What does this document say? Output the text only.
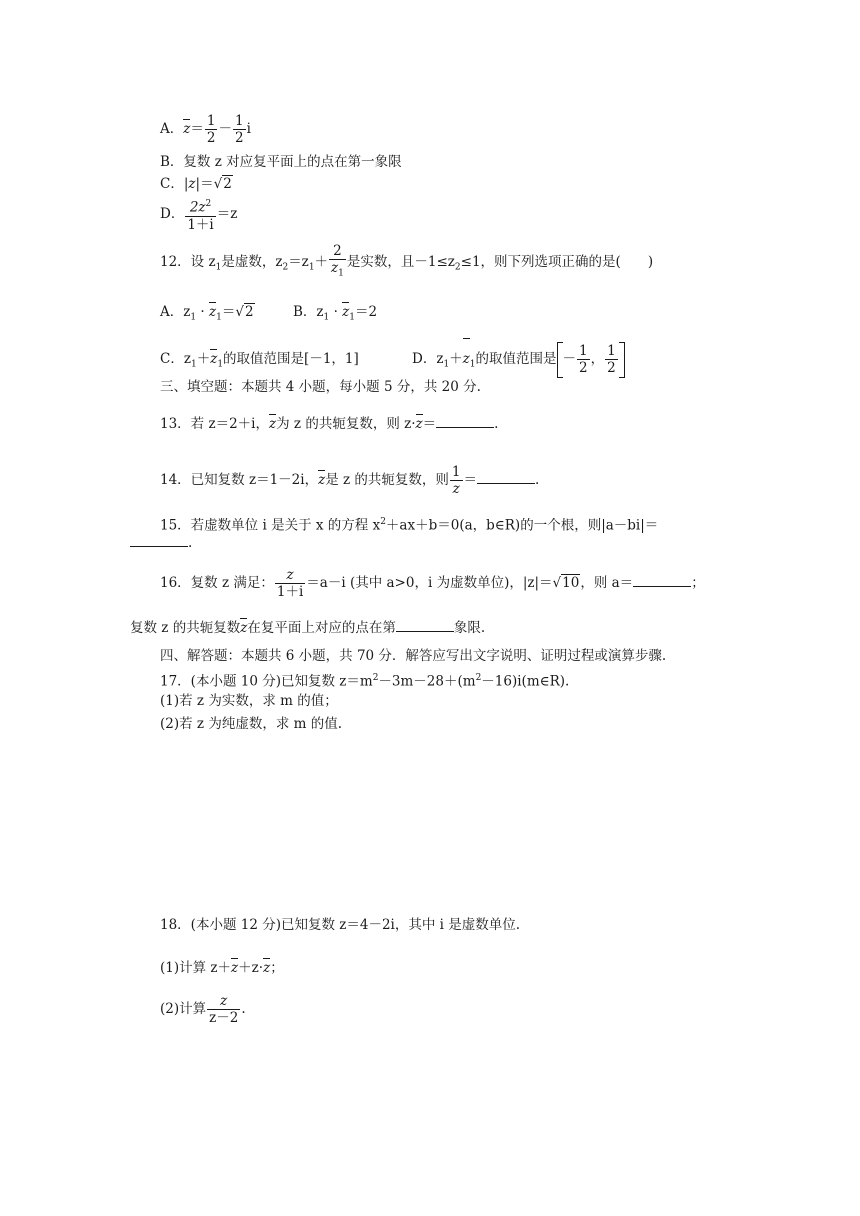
A．$z= \frac{1}{2} - \frac{1}{2}$ i
B．复数 z 对应复平面上的点在第一象限
C．|z|＝√2
D． $\frac{2z^2}{1+i} =z$
12．设 $z_1$是虚数，$z_2=z_1+ \frac{2}{z_1}$ 是实数，且$-1\le z_2\le 1$，则下列选项正确的是(　　)
A．$z_1 \cdot z_1=√2$	B．$z_1 \cdot z_1=2$
C．$z_1+z_1$的取值范围是[－1，1]	D．$z_1+z_1$的取值范围是 － $\frac{1}{2}$ ， $\frac{1}{2}$
三、填空题：本题共 4 小题，每小题 5 分，共 20 分.
13．若 z＝2＋i，z为 z 的共轭复数，则 z·z＝	.
14．已知复数 z＝1－2i，z是 z 的共轭复数，则 $\frac{1}{z}$ ＝	.
15．若虚数单位 i 是关于 x 的方程 $x^2+ax+b=0(a$，b∈R)的一个根，则|a－bi|＝
.
16．复数 z 满足： $\frac{z}{1+i} =a-i$ (其中 a>0，i 为虚数单位)，|z|＝√10，则 a＝	；
复数 z 的共轭复数z在复平面上对应的点在第	象限.
四、解答题：本题共 6 小题，共 70 分．解答应写出文字说明、证明过程或演算步骤.
17．(本小题 10 分)已知复数 $z=m^2-3m-28+(m^2-16)i(m\in R)$.
(1)若 z 为实数，求 m 的值；
(2)若 z 为纯虚数，求 m 的值.
18．(本小题 12 分)已知复数 z＝4－2i，其中 i 是虚数单位.
(1)计算 z＋z＋z·z；
(2)计算 $\frac{z}{z-2}$ .
